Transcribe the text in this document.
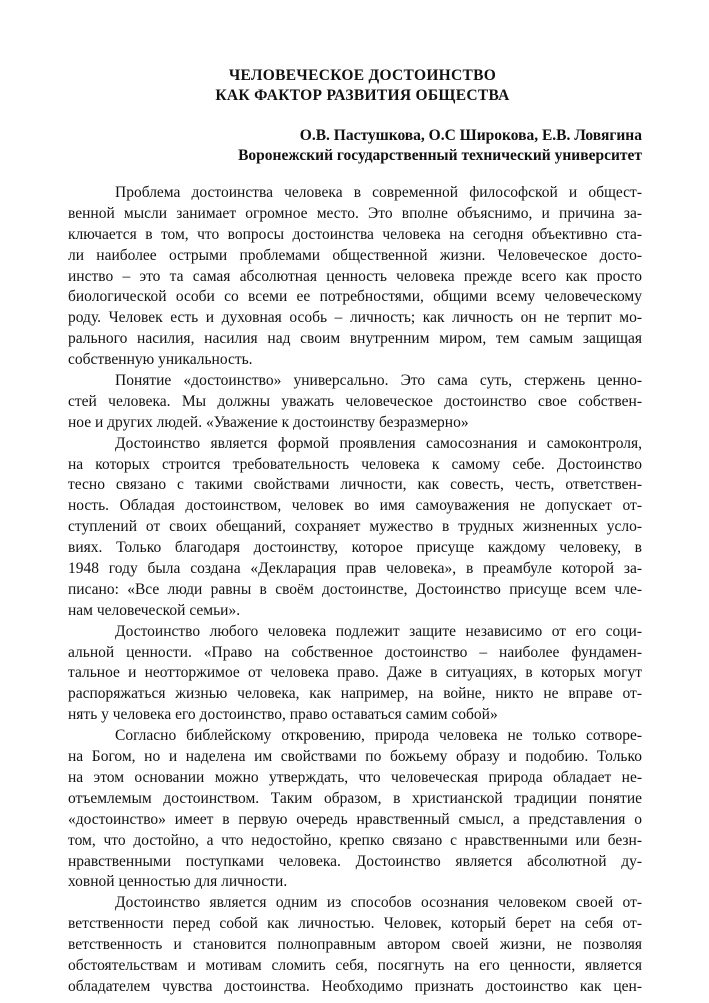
ЧЕЛОВЕЧЕСКОЕ ДОСТОИНСТВО
КАК ФАКТОР РАЗВИТИЯ ОБЩЕСТВА
О.В. Пастушкова, О.С Широкова, Е.В. Ловягина
Воронежский государственный технический университет
Проблема достоинства человека в современной философской и общест-
венной мысли занимает огромное место. Это вполне объяснимо, и причина за-
ключается в том, что вопросы достоинства человека на сегодня объективно ста-
ли наиболее острыми проблемами общественной жизни. Человеческое досто-
инство – это та самая абсолютная ценность человека прежде всего как просто
биологической особи со всеми ее потребностями, общими всему человеческому
роду. Человек есть и духовная особь – личность; как личность он не терпит мо-
рального насилия, насилия над своим внутренним миром, тем самым защищая
собственную уникальность.
Понятие «достоинство» универсально. Это сама суть, стержень ценно-
стей человека. Мы должны уважать человеческое достоинство свое собствен-
ное и других людей. «Уважение к достоинству безразмерно»
Достоинство является формой проявления самосознания и самоконтроля,
на которых строится требовательность человека к самому себе. Достоинство
тесно связано с такими свойствами личности, как совесть, честь, ответствен-
ность. Обладая достоинством, человек во имя самоуважения не допускает от-
ступлений от своих обещаний, сохраняет мужество в трудных жизненных усло-
виях. Только благодаря достоинству, которое присуще каждому человеку, в
1948 году была создана «Декларация прав человека», в преамбуле которой за-
писано: «Все люди равны в своём достоинстве, Достоинство присуще всем чле-
нам человеческой семьи».
Достоинство любого человека подлежит защите независимо от его соци-
альной ценности. «Право на собственное достоинство – наиболее фундамен-
тальное и неотторжимое от человека право. Даже в ситуациях, в которых могут
распоряжаться жизнью человека, как например, на войне, никто не вправе от-
нять у человека его достоинство, право оставаться самим собой»
Согласно библейскому откровению, природа человека не только сотворе-
на Богом, но и наделена им свойствами по божьему образу и подобию. Только
на этом основании можно утверждать, что человеческая природа обладает не-
отъемлемым достоинством. Таким образом, в христианской традиции понятие
«достоинство» имеет в первую очередь нравственный смысл, а представления о
том, что достойно, а что недостойно, крепко связано с нравственными или безн-
нравственными поступками человека. Достоинство является абсолютной ду-
ховной ценностью для личности.
Достоинство является одним из способов осознания человеком своей от-
ветственности перед собой как личностью. Человек, который берет на себя от-
ветственность и становится полноправным автором своей жизни, не позволяя
обстоятельствам и мотивам сломить себя, посягнуть на его ценности, является
обладателем чувства достоинства. Необходимо признать достоинство как цен-
